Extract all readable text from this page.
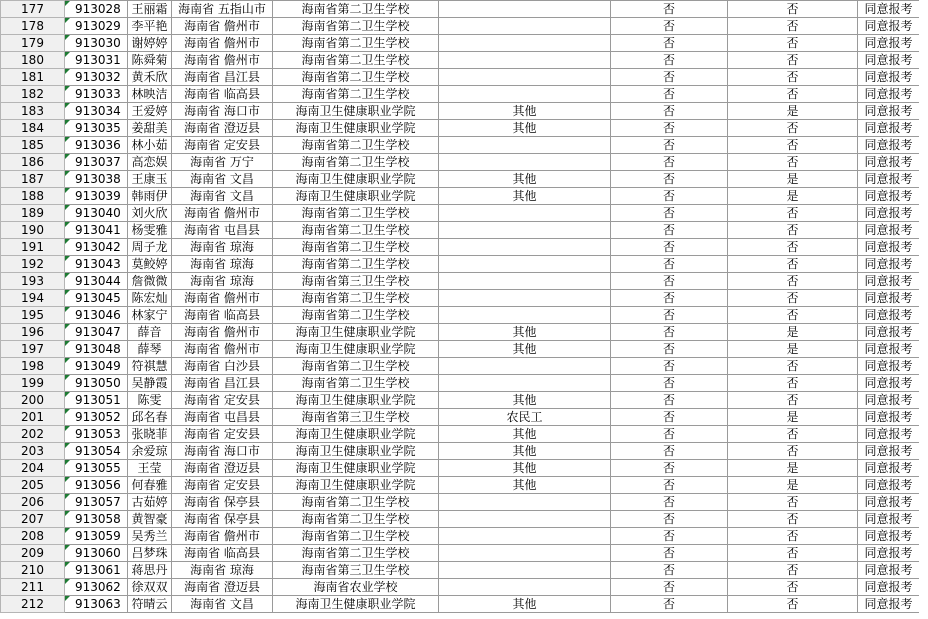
177	913028	王丽霜	海南省 五指山市	海南省第二卫生学校		否	否	同意报考
178	913029	李平艳	海南省 儋州市	海南省第二卫生学校		否	否	同意报考
179	913030	谢婷婷	海南省 儋州市	海南省第二卫生学校		否	否	同意报考
180	913031	陈舜菊	海南省 儋州市	海南省第二卫生学校		否	否	同意报考
181	913032	黄禾欣	海南省 昌江县	海南省第二卫生学校		否	否	同意报考
182	913033	林映洁	海南省 临高县	海南省第二卫生学校		否	否	同意报考
183	913034	王爱婷	海南省 海口市	海南卫生健康职业学院	其他	否	是	同意报考
184	913035	姜甜美	海南省 澄迈县	海南卫生健康职业学院	其他	否	否	同意报考
185	913036	林小茹	海南省 定安县	海南省第二卫生学校		否	否	同意报考
186	913037	高恋娱	海南省 万宁	海南省第二卫生学校		否	否	同意报考
187	913038	王康玉	海南省 文昌	海南卫生健康职业学院	其他	否	是	同意报考
188	913039	韩雨伊	海南省 文昌	海南卫生健康职业学院	其他	否	是	同意报考
189	913040	刘火欣	海南省 儋州市	海南省第二卫生学校		否	否	同意报考
190	913041	杨雯雅	海南省 屯昌县	海南省第二卫生学校		否	否	同意报考
191	913042	周子龙	海南省 琼海	海南省第二卫生学校		否	否	同意报考
192	913043	莫鲛婷	海南省 琼海	海南省第二卫生学校		否	否	同意报考
193	913044	詹微微	海南省 琼海	海南省第三卫生学校		否	否	同意报考
194	913045	陈宏灿	海南省 儋州市	海南省第二卫生学校		否	否	同意报考
195	913046	林家宁	海南省 临高县	海南省第二卫生学校		否	否	同意报考
196	913047	薛音	海南省 儋州市	海南卫生健康职业学院	其他	否	是	同意报考
197	913048	薛琴	海南省 儋州市	海南卫生健康职业学院	其他	否	是	同意报考
198	913049	符祺慧	海南省 白沙县	海南省第二卫生学校		否	否	同意报考
199	913050	吴静霞	海南省 昌江县	海南省第二卫生学校		否	否	同意报考
200	913051	陈雯	海南省 定安县	海南卫生健康职业学院	其他	否	否	同意报考
201	913052	邱名春	海南省 屯昌县	海南省第三卫生学校	农民工	否	是	同意报考
202	913053	张晓菲	海南省 定安县	海南卫生健康职业学院	其他	否	否	同意报考
203	913054	余爱琼	海南省 海口市	海南卫生健康职业学院	其他	否	否	同意报考
204	913055	王莹	海南省 澄迈县	海南卫生健康职业学院	其他	否	是	同意报考
205	913056	何春雅	海南省 定安县	海南卫生健康职业学院	其他	否	是	同意报考
206	913057	古茹婷	海南省 保亭县	海南省第二卫生学校		否	否	同意报考
207	913058	黄智豪	海南省 保亭县	海南省第二卫生学校		否	否	同意报考
208	913059	吴秀兰	海南省 儋州市	海南省第二卫生学校		否	否	同意报考
209	913060	吕梦珠	海南省 临高县	海南省第二卫生学校		否	否	同意报考
210	913061	蒋思丹	海南省 琼海	海南省第三卫生学校		否	否	同意报考
211	913062	徐双双	海南省 澄迈县	海南省农业学校		否	否	同意报考
212	913063	符晴云	海南省 文昌	海南卫生健康职业学院	其他	否	否	同意报考
